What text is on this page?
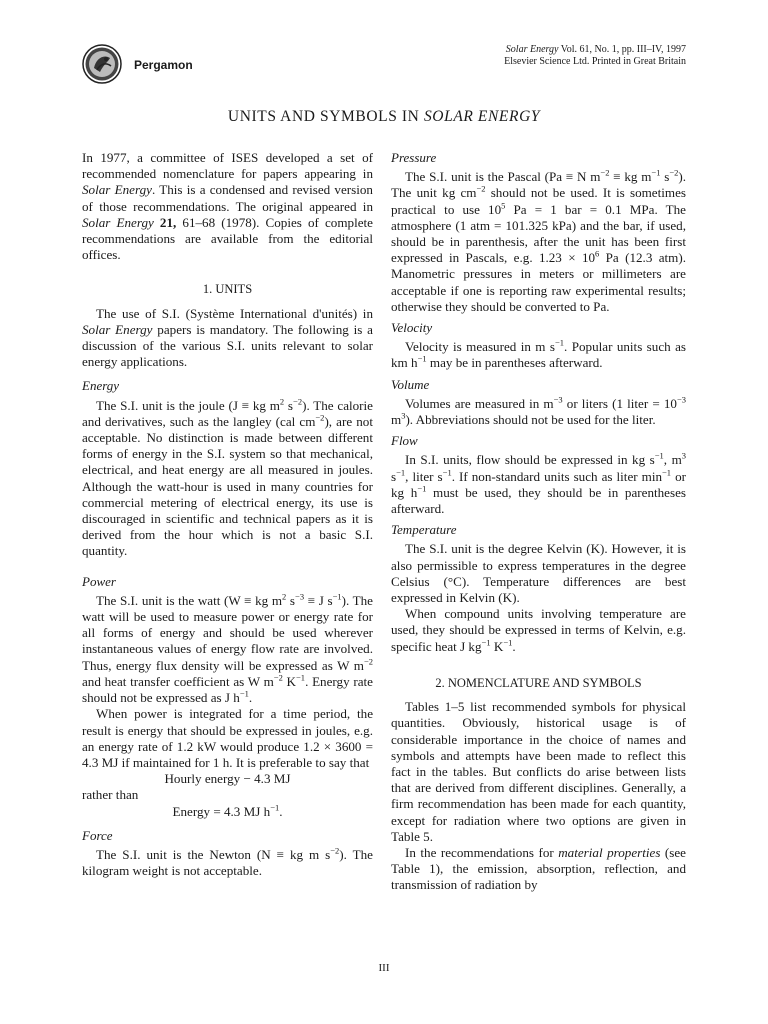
Pergamon
Solar Energy Vol. 61, No. 1, pp. III–IV, 1997
Elsevier Science Ltd. Printed in Great Britain
UNITS AND SYMBOLS IN SOLAR ENERGY

In 1977, a committee of ISES developed a set of recommended nomenclature for papers appearing in Solar Energy. This is a condensed and revised version of those recommendations. The original appeared in Solar Energy 21, 61–68 (1978). Copies of complete recommendations are available from the editorial offices.

1. UNITS

The use of S.I. (Système International d'unités) in Solar Energy papers is mandatory. The following is a discussion of the various S.I. units relevant to solar energy applications.

Energy

The S.I. unit is the joule (J ≡ kg $m^2$ $s^{-2}$). The calorie and derivatives, such as the langley (cal $cm^{-2}$), are not acceptable. No distinction is made between different forms of energy in the S.I. system so that mechanical, electrical, and heat energy are all measured in joules. Although the watt-hour is used in many countries for commercial metering of electrical energy, its use is discouraged in scientific and technical papers as it is derived from the hour which is not a basic S.I. quantity.

Power

The S.I. unit is the watt (W ≡ kg $m^2$ $s^{-3} \equiv J$ $s^{-1}$). The watt will be used to measure power or energy rate for all forms of energy and should be used wherever instantaneous values of energy flow rate are involved. Thus, energy flux density will be expressed as W $m^{-2}$ and heat transfer coefficient as W $m^{-2}$ $K^{-1}$. Energy rate should not be expressed as J $h^{-1}$.

When power is integrated for a time period, the result is energy that should be expressed in joules, e.g. an energy rate of 1.2 kW would produce 1.2 × 3600 = 4.3 MJ if maintained for 1 h. It is preferable to say that

Hourly energy − 4.3 MJ

rather than

Energy = 4.3 MJ $h^{-1}$.

Force

The S.I. unit is the Newton (N ≡ kg m $s^{-2}$). The kilogram weight is not acceptable.

Pressure

The S.I. unit is the Pascal (Pa ≡ N $m^{-2}$ ≡ kg $m^{-1}$ $s^{-2}$). The unit kg $cm^{-2}$ should not be used. It is sometimes practical to use $10^5$ Pa = 1 bar = 0.1 MPa. The atmosphere (1 atm = 101.325 kPa) and the bar, if used, should be in parenthesis, after the unit has been first expressed in Pascals, e.g. $1.23 \times 10^6$ Pa (12.3 atm). Manometric pressures in meters or millimeters are acceptable if one is reporting raw experimental results; otherwise they should be converted to Pa.

Velocity

Velocity is measured in m $s^{-1}$. Popular units such as km $h^{-1}$ may be in parentheses afterward.

Volume

Volumes are measured in $m^{-3}$ or liters (1 liter = $10^{-3}$ $m^3$). Abbreviations should not be used for the liter.

Flow

In S.I. units, flow should be expressed in kg $s^{-1}$, $m^3$ $s^{-1}$, liter $s^{-1}$. If non-standard units such as liter $\min^{-1}$ or kg $h^{-1}$ must be used, they should be in parentheses afterward.

Temperature

The S.I. unit is the degree Kelvin (K). However, it is also permissible to express temperatures in the degree Celsius (°C). Temperature differences are best expressed in Kelvin (K).

When compound units involving temperature are used, they should be expressed in terms of Kelvin, e.g. specific heat J $kg^{-1}$ $K^{-1}$.

2. NOMENCLATURE AND SYMBOLS

Tables 1–5 list recommended symbols for physical quantities. Obviously, historical usage is of considerable importance in the choice of names and symbols and attempts have been made to reflect this fact in the tables. But conflicts do arise between lists that are derived from different disciplines. Generally, a firm recommendation has been made for each quantity, except for radiation where two options are given in Table 5.

In the recommendations for material properties (see Table 1), the emission, absorption, reflection, and transmission of radiation by

III
